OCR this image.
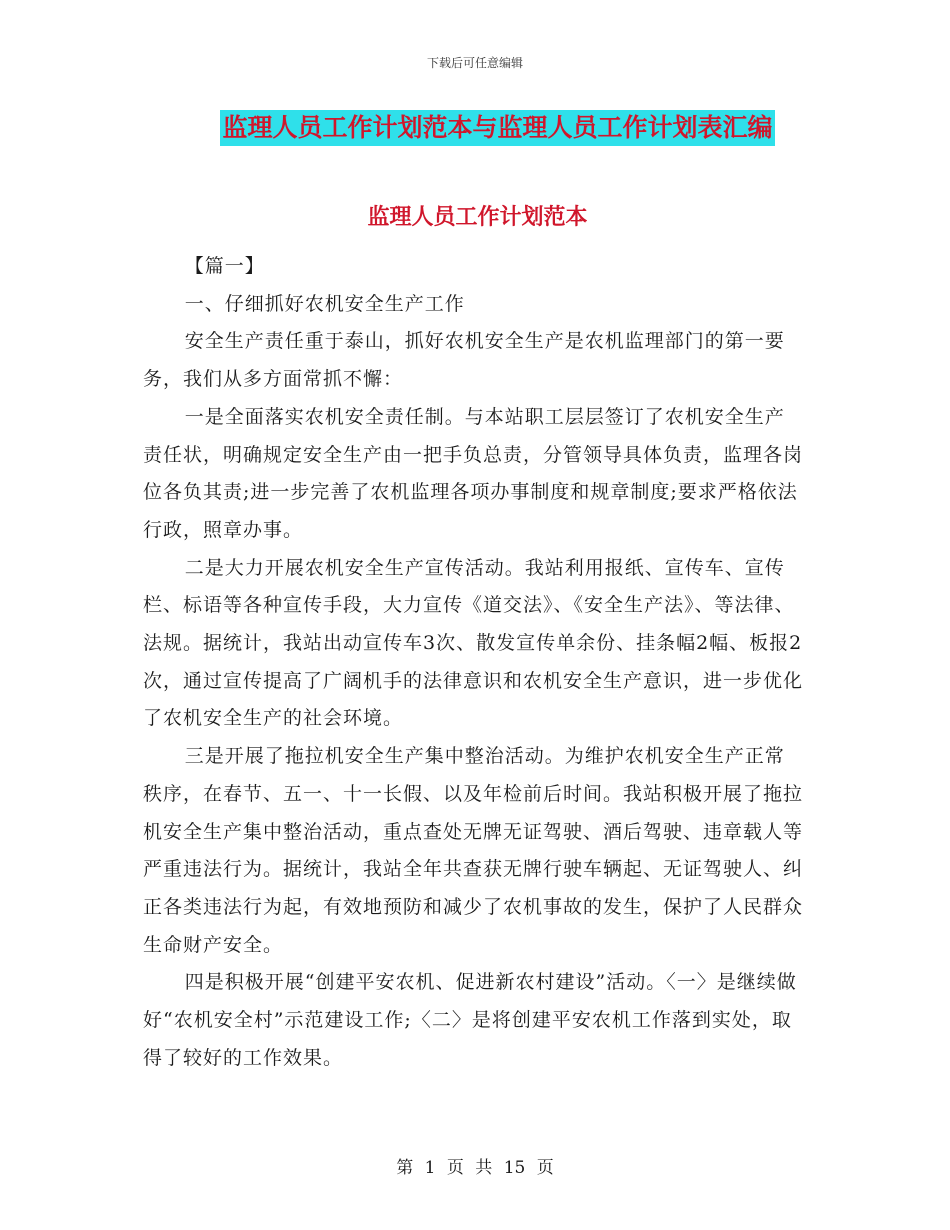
下载后可任意编辑
监理人员工作计划范本与监理人员工作计划表汇编
监理人员工作计划范本

【篇一】

一、仔细抓好农机安全生产工作

安全生产责任重于泰山，抓好农机安全生产是农机监理部门的第一要务，我们从多方面常抓不懈：

一是全面落实农机安全责任制。与本站职工层层签订了农机安全生产责任状，明确规定安全生产由一把手负总责，分管领导具体负责，监理各岗位各负其责;进一步完善了农机监理各项办事制度和规章制度;要求严格依法行政，照章办事。

二是大力开展农机安全生产宣传活动。我站利用报纸、宣传车、宣传栏、标语等各种宣传手段，大力宣传《道交法》、《安全生产法》、等法律、法规。据统计，我站出动宣传车3次、散发宣传单余份、挂条幅2幅、板报2次，通过宣传提高了广阔机手的法律意识和农机安全生产意识，进一步优化了农机安全生产的社会环境。

三是开展了拖拉机安全生产集中整治活动。为维护农机安全生产正常秩序，在春节、五一、十一长假、以及年检前后时间。我站积极开展了拖拉机安全生产集中整治活动，重点查处无牌无证驾驶、酒后驾驶、违章载人等严重违法行为。据统计，我站全年共查获无牌行驶车辆起、无证驾驶人、纠正各类违法行为起，有效地预防和减少了农机事故的发生，保护了人民群众生命财产安全。

四是积极开展“创建平安农机、促进新农村建设”活动。〈一〉是继续做好“农机安全村”示范建设工作;〈二〉是将创建平安农机工作落到实处，取得了较好的工作效果。

第 1 页 共 15 页
